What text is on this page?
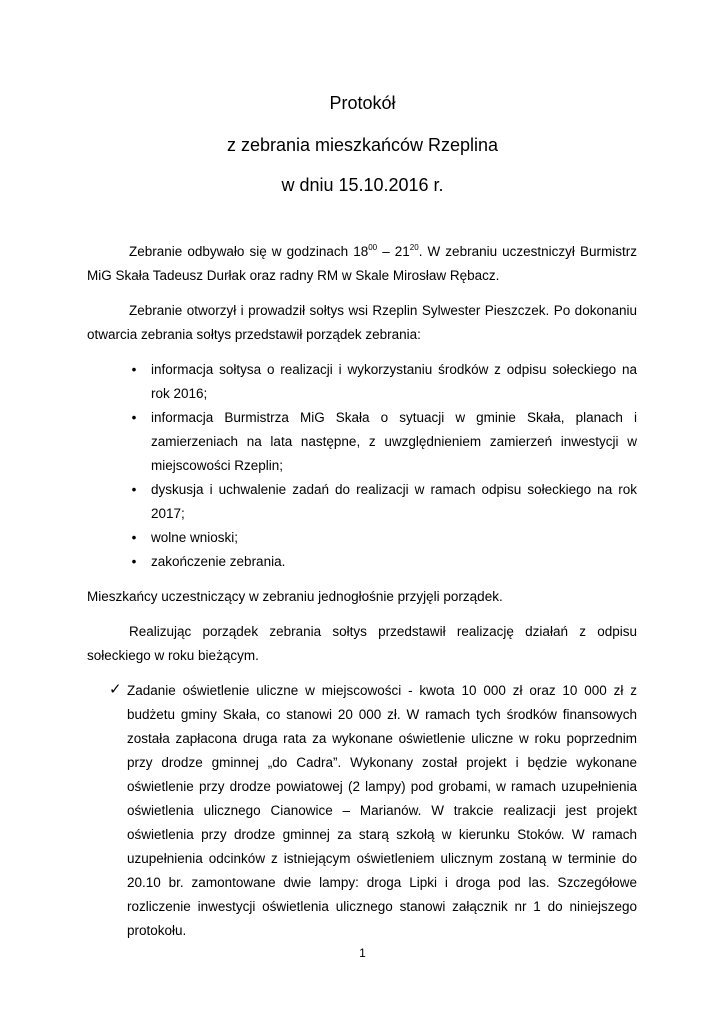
Protokół
z zebrania mieszkańców Rzeplina
w dniu 15.10.2016 r.

Zebranie odbywało się w godzinach $18^{00} - 21^{20}$. W zebraniu uczestniczył Burmistrz MiG Skała Tadeusz Durłak oraz radny RM w Skale Mirosław Rębacz.

Zebranie otworzył i prowadził sołtys wsi Rzeplin Sylwester Pieszczek. Po dokonaniu otwarcia zebrania sołtys przedstawił porządek zebrania:

• informacja sołtysa o realizacji i wykorzystaniu środków z odpisu sołeckiego na rok 2016;
• informacja Burmistrza MiG Skała o sytuacji w gminie Skała, planach i zamierzeniach na lata następne, z uwzględnieniem zamierzeń inwestycji w miejscowości Rzeplin;
• dyskusja i uchwalenie zadań do realizacji w ramach odpisu sołeckiego na rok 2017;
• wolne wnioski;
• zakończenie zebrania.

Mieszkańcy uczestniczący w zebraniu jednogłośnie przyjęli porządek.

Realizując porządek zebrania sołtys przedstawił realizację działań z odpisu sołeckiego w roku bieżącym.

✓ Zadanie oświetlenie uliczne w miejscowości - kwota 10 000 zł oraz 10 000 zł z budżetu gminy Skała, co stanowi 20 000 zł. W ramach tych środków finansowych została zapłacona druga rata za wykonane oświetlenie uliczne w roku poprzednim przy drodze gminnej „do Cadra”. Wykonany został projekt i będzie wykonane oświetlenie przy drodze powiatowej (2 lampy) pod grobami, w ramach uzupełnienia oświetlenia ulicznego Cianowice – Marianów. W trakcie realizacji jest projekt oświetlenia przy drodze gminnej za starą szkołą w kierunku Stoków. W ramach uzupełnienia odcinków z istniejącym oświetleniem ulicznym zostaną w terminie do 20.10 br. zamontowane dwie lampy: droga Lipki i droga pod las. Szczegółowe rozliczenie inwestycji oświetlenia ulicznego stanowi załącznik nr 1 do niniejszego protokołu.
1
